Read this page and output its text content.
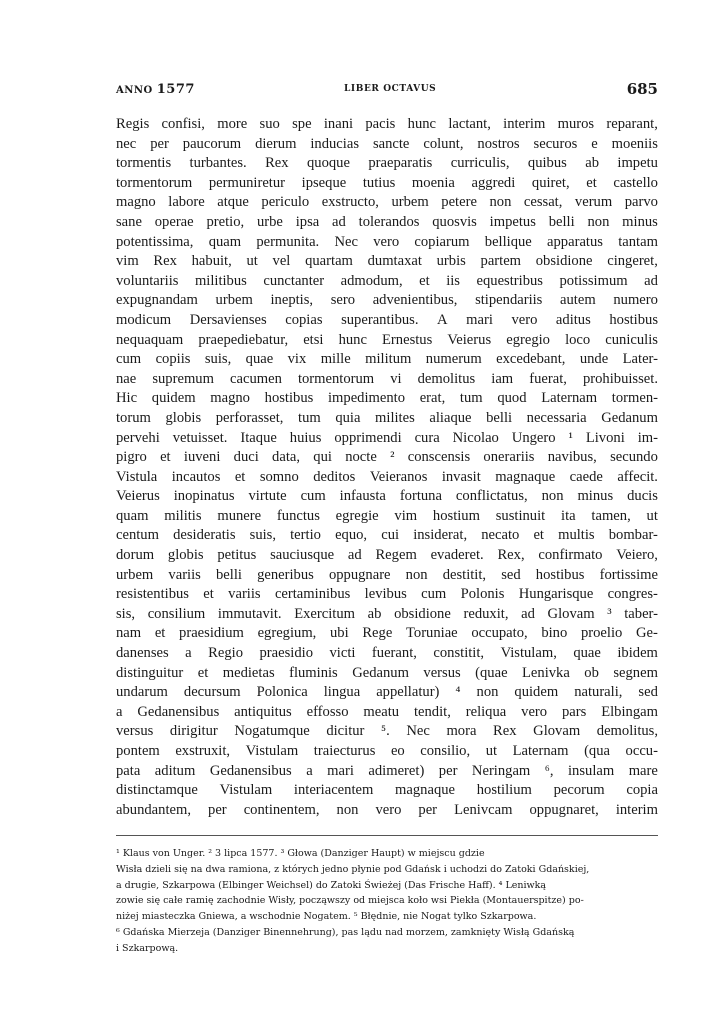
ANNO 1577	LIBER OCTAVUS	685
Regis confisi, more suo spe inani pacis hunc lactant, interim muros reparant,
nec per paucorum dierum inducias sancte colunt, nostros securos e moeniis
tormentis turbantes. Rex quoque praeparatis curriculis, quibus ab impetu
tormentorum permuniretur ipseque tutius moenia aggredi quiret, et castello
magno labore atque periculo exstructo, urbem petere non cessat, verum parvo
sane operae pretio, urbe ipsa ad tolerandos quosvis impetus belli non minus
potentissima, quam permunita. Nec vero copiarum bellique apparatus tantam
vim Rex habuit, ut vel quartam dumtaxat urbis partem obsidione cingeret,
voluntariis militibus cunctanter admodum, et iis equestribus potissimum ad
expugnandam urbem ineptis, sero advenientibus, stipendariis autem numero
modicum Dersavienses copias superantibus. A mari vero aditus hostibus
nequaquam praepediebatur, etsi hunc Ernestus Veierus egregio loco cuniculis
cum copiis suis, quae vix mille militum numerum excedebant, unde Later-
nae supremum cacumen tormentorum vi demolitus iam fuerat, prohibuisset.
Hic quidem magno hostibus impedimento erat, tum quod Laternam tormen-
torum globis perforasset, tum quia milites aliaque belli necessaria Gedanum
pervehi vetuisset. Itaque huius opprimendi cura Nicolao Ungero ¹ Livoni im-
pigro et iuveni duci data, qui nocte ² conscensis onerariis navibus, secundo
Vistula incautos et somno deditos Veieranos invasit magnaque caede affecit.
Veierus inopinatus virtute cum infausta fortuna conflictatus, non minus ducis
quam militis munere functus egregie vim hostium sustinuit ita tamen, ut
centum desideratis suis, tertio equo, cui insiderat, necato et multis bombar-
dorum globis petitus sauciusque ad Regem evaderet. Rex, confirmato Veiero,
urbem variis belli generibus oppugnare non destitit, sed hostibus fortissime
resistentibus et variis certaminibus levibus cum Polonis Hungarisque congres-
sis, consilium immutavit. Exercitum ab obsidione reduxit, ad Glovam ³ taber-
nam et praesidium egregium, ubi Rege Toruniae occupato, bino proelio Ge-
danenses a Regio praesidio victi fuerant, constitit, Vistulam, quae ibidem
distinguitur et medietas fluminis Gedanum versus (quae Lenivka ob segnem
undarum decursum Polonica lingua appellatur) ⁴ non quidem naturali, sed
a Gedanensibus antiquitus effosso meatu tendit, reliqua vero pars Elbingam
versus dirigitur Nogatumque dicitur ⁵. Nec mora Rex Glovam demolitus,
pontem exstruxit, Vistulam traiecturus eo consilio, ut Laternam (qua occu-
pata aditum Gedanensibus a mari adimeret) per Neringam ⁶, insulam mare
distinctamque Vistulam interiacentem magnaque hostilium pecorum copia
abundantem, per continentem, non vero per Lenivcam oppugnaret, interim
¹ Klaus von Unger. ² 3 lipca 1577. ³ Głowa (Danziger Haupt) w miejscu gdzie
Wisła dzieli się na dwa ramiona, z których jedno płynie pod Gdańsk i uchodzi do Zatoki Gdańskiej,
a drugie, Szkarpowa (Elbinger Weichsel) do Zatoki Świeżej (Das Frische Haff). ⁴ Leniwką
zowie się całe ramię zachodnie Wisły, począwszy od miejsca koło wsi Piekła (Montauerspitze) po-
niżej miasteczka Gniewa, a wschodnie Nogatem. ⁵ Błędnie, nie Nogat tylko Szkarpowa.
⁶ Gdańska Mierzeja (Danziger Binennehrung), pas lądu nad morzem, zamknięty Wisłą Gdańską
i Szkarpową.
